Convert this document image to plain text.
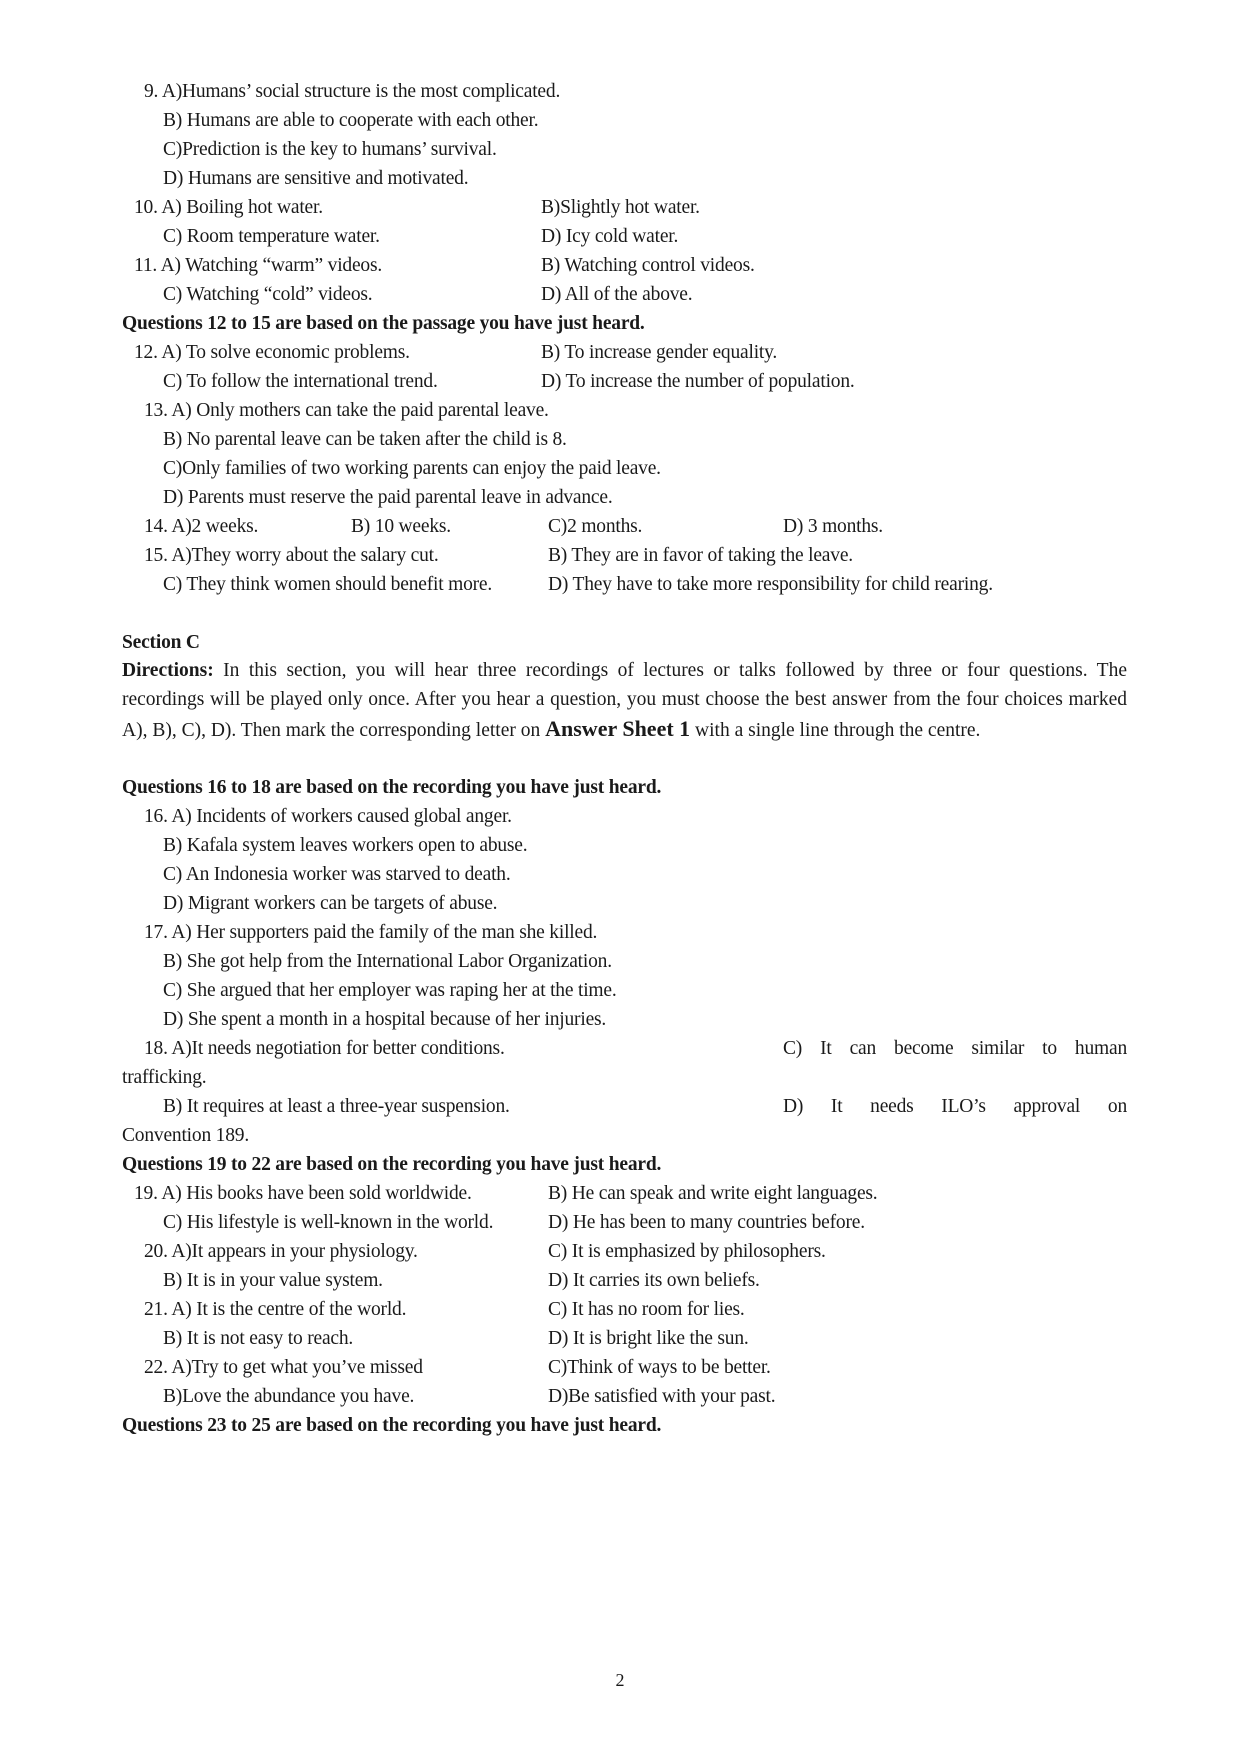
9. A)Humans’ social structure is the most complicated.
B) Humans are able to cooperate with each other.
C)Prediction is the key to humans’ survival.
D) Humans are sensitive and motivated.
10. A) Boiling hot water.	B)Slightly hot water.
C) Room temperature water.	D) Icy cold water.
11. A) Watching “warm” videos.	B) Watching control videos.
C) Watching “cold” videos.	D) All of the above.
Questions 12 to 15 are based on the passage you have just heard.
12. A) To solve economic problems.	B) To increase gender equality.
C) To follow the international trend.	D) To increase the number of population.
13. A) Only mothers can take the paid parental leave.
B) No parental leave can be taken after the child is 8.
C)Only families of two working parents can enjoy the paid leave.
D) Parents must reserve the paid parental leave in advance.
14. A)2 weeks.	B) 10 weeks.	C)2 months.	D) 3 months.
15. A)They worry about the salary cut.	B) They are in favor of taking the leave.
C) They think women should benefit more.	D) They have to take more responsibility for child rearing.
Section C
Directions: In this section, you will hear three recordings of lectures or talks followed by three or four questions. The recordings will be played only once. After you hear a question, you must choose the best answer from the four choices marked A), B), C), D). Then mark the corresponding letter on Answer Sheet 1 with a single line through the centre.
Questions 16 to 18 are based on the recording you have just heard.
16. A) Incidents of workers caused global anger.
B) Kafala system leaves workers open to abuse.
C) An Indonesia worker was starved to death.
D) Migrant workers can be targets of abuse.
17. A) Her supporters paid the family of the man she killed.
B) She got help from the International Labor Organization.
C) She argued that her employer was raping her at the time.
D) She spent a month in a hospital because of her injuries.
18. A)It needs negotiation for better conditions.	C) It can become similar to human
trafficking.
B) It requires at least a three-year suspension.	D) It needs ILO’s approval on
Convention 189.
Questions 19 to 22 are based on the recording you have just heard.
19. A) His books have been sold worldwide.	B) He can speak and write eight languages.
C) His lifestyle is well-known in the world.	D) He has been to many countries before.
20. A)It appears in your physiology.	C) It is emphasized by philosophers.
B) It is in your value system.	D) It carries its own beliefs.
21. A) It is the centre of the world.	C) It has no room for lies.
B) It is not easy to reach.	D) It is bright like the sun.
22. A)Try to get what you’ve missed	C)Think of ways to be better.
B)Love the abundance you have.	D)Be satisfied with your past.
Questions 23 to 25 are based on the recording you have just heard.
2
